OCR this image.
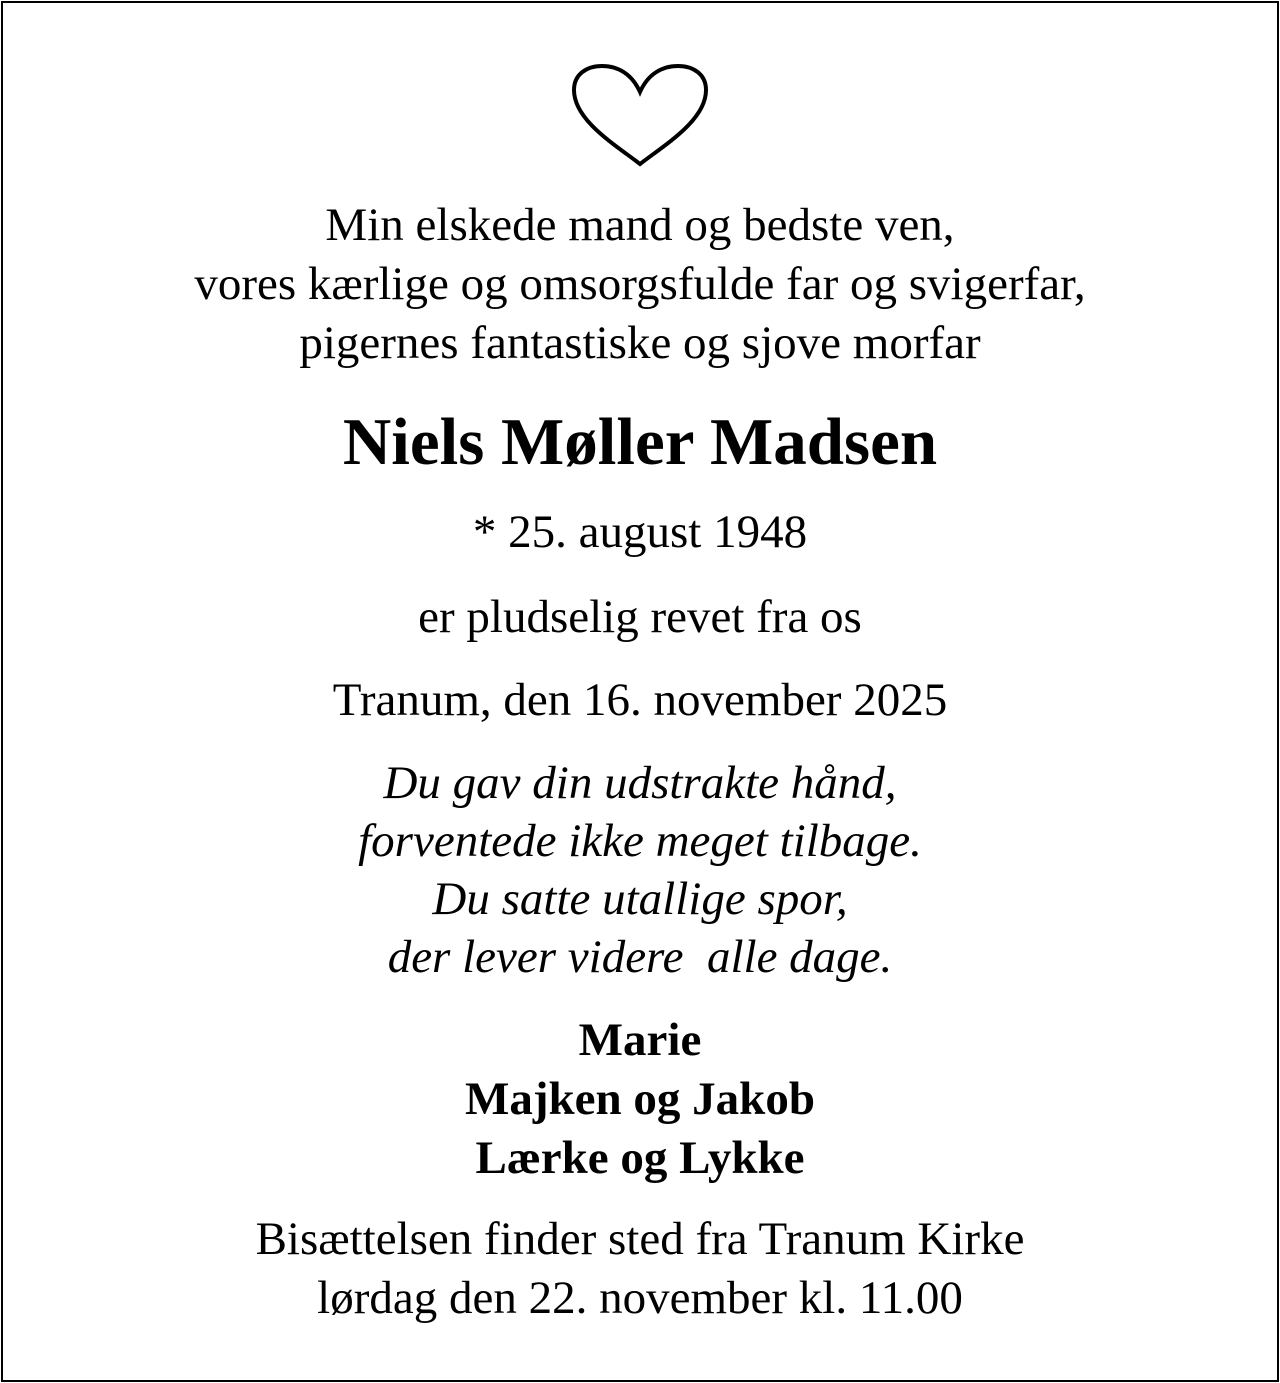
Min elskede mand og bedste ven,
vores kærlige og omsorgsfulde far og svigerfar,
pigernes fantastiske og sjove morfar
Niels Møller Madsen
* 25. august 1948
er pludselig revet fra os
Tranum, den 16. november 2025
Du gav din udstrakte hånd,
forventede ikke meget tilbage.
Du satte utallige spor,
der lever videre  alle dage.
Marie
Majken og Jakob
Lærke og Lykke
Bisættelsen finder sted fra Tranum Kirke
lørdag den 22. november kl. 11.00
